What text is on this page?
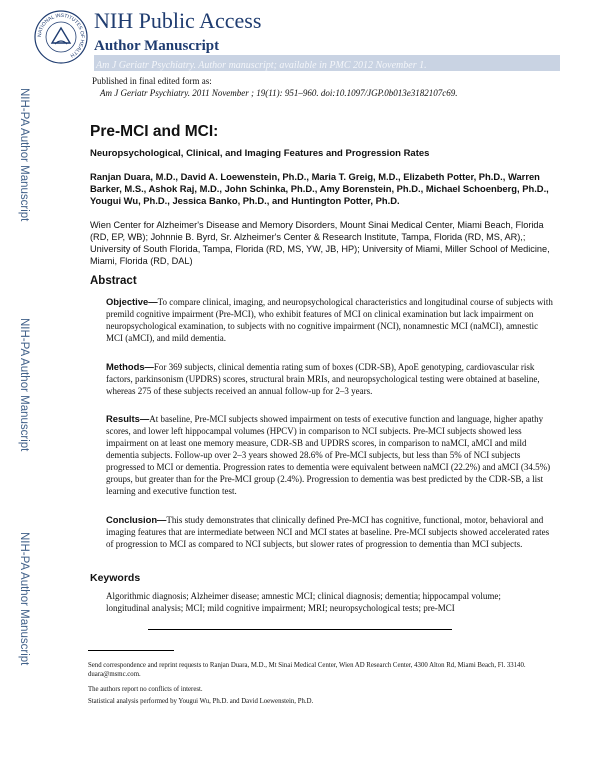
NIH-PA Author Manuscript
NIH-PA Author Manuscript
NIH-PA Author Manuscript
NATIONAL INSTITUTES OF HEALTH
NIH Public Access
Author Manuscript
Am J Geriatr Psychiatry. Author manuscript; available in PMC 2012 November 1.
Published in final edited form as:
Am J Geriatr Psychiatry. 2011 November ; 19(11): 951–960. doi:10.1097/JGP.0b013e3182107c69.
Pre-MCI and MCI:
Neuropsychological, Clinical, and Imaging Features and Progression Rates
Ranjan Duara, M.D., David A. Loewenstein, Ph.D., Maria T. Greig, M.D., Elizabeth Potter, Ph.D., Warren Barker, M.S., Ashok Raj, M.D., John Schinka, Ph.D., Amy Borenstein, Ph.D., Michael Schoenberg, Ph.D., Yougui Wu, Ph.D., Jessica Banko, Ph.D., and Huntington Potter, Ph.D.
Wien Center for Alzheimer's Disease and Memory Disorders, Mount Sinai Medical Center, Miami Beach, Florida (RD, EP, WB); Johnnie B. Byrd, Sr. Alzheimer's Center & Research Institute, Tampa, Florida (RD, MS, AR),; University of South Florida, Tampa, Florida (RD, MS, YW, JB, HP); University of Miami, Miller School of Medicine, Miami, Florida (RD, DAL)
Abstract
Objective—To compare clinical, imaging, and neuropsychological characteristics and longitudinal course of subjects with premild cognitive impairment (Pre-MCI), who exhibit features of MCI on clinical examination but lack impairment on neuropsychological examination, to subjects with no cognitive impairment (NCI), nonamnestic MCI (naMCI), amnestic MCI (aMCI), and mild dementia.
Methods—For 369 subjects, clinical dementia rating sum of boxes (CDR-SB), ApoE genotyping, cardiovascular risk factors, parkinsonism (UPDRS) scores, structural brain MRIs, and neuropsychological testing were obtained at baseline, whereas 275 of these subjects received an annual follow-up for 2–3 years.
Results—At baseline, Pre-MCI subjects showed impairment on tests of executive function and language, higher apathy scores, and lower left hippocampal volumes (HPCV) in comparison to NCI subjects. Pre-MCI subjects showed less impairment on at least one memory measure, CDR-SB and UPDRS scores, in comparison to naMCI, aMCI and mild dementia subjects. Follow-up over 2–3 years showed 28.6% of Pre-MCI subjects, but less than 5% of NCI subjects progressed to MCI or dementia. Progression rates to dementia were equivalent between naMCI (22.2%) and aMCI (34.5%) groups, but greater than for the Pre-MCI group (2.4%). Progression to dementia was best predicted by the CDR-SB, a list learning and executive function test.
Conclusion—This study demonstrates that clinically defined Pre-MCI has cognitive, functional, motor, behavioral and imaging features that are intermediate between NCI and MCI states at baseline. Pre-MCI subjects showed accelerated rates of progression to MCI as compared to NCI subjects, but slower rates of progression to dementia than MCI subjects.
Keywords
Algorithmic diagnosis; Alzheimer disease; amnestic MCI; clinical diagnosis; dementia; hippocampal volume; longitudinal analysis; MCI; mild cognitive impairment; MRI; neuropsychological tests; pre-MCI
Send correspondence and reprint requests to Ranjan Duara, M.D., Mt Sinai Medical Center, Wien AD Research Center, 4300 Alton Rd, Miami Beach, Fl. 33140. duara@msmc.com.
The authors report no conflicts of interest.
Statistical analysis performed by Yougui Wu, Ph.D. and David Loewenstein, Ph.D.
